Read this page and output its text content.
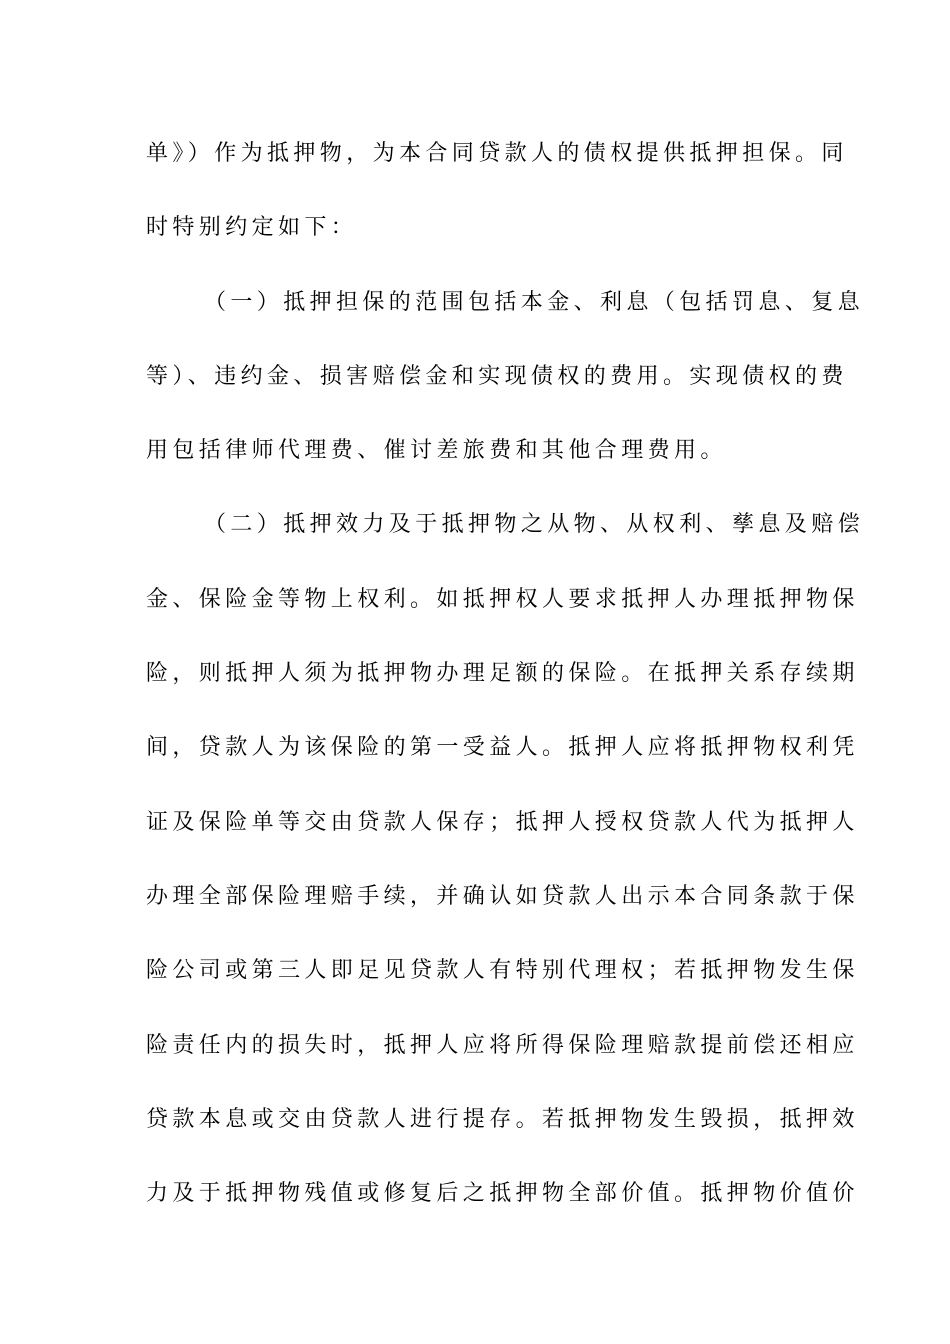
单》）作为抵押物，为本合同贷款人的债权提供抵押担保。同
时特别约定如下：
（一）抵押担保的范围包括本金、利息（包括罚息、复息
等）、违约金、损害赔偿金和实现债权的费用。实现债权的费
用包括律师代理费、催讨差旅费和其他合理费用。
（二）抵押效力及于抵押物之从物、从权利、孳息及赔偿
金、保险金等物上权利。如抵押权人要求抵押人办理抵押物保
险，则抵押人须为抵押物办理足额的保险。在抵押关系存续期
间，贷款人为该保险的第一受益人。抵押人应将抵押物权利凭
证及保险单等交由贷款人保存；抵押人授权贷款人代为抵押人
办理全部保险理赔手续，并确认如贷款人出示本合同条款于保
险公司或第三人即足见贷款人有特别代理权；若抵押物发生保
险责任内的损失时，抵押人应将所得保险理赔款提前偿还相应
贷款本息或交由贷款人进行提存。若抵押物发生毁损，抵押效
力及于抵押物残值或修复后之抵押物全部价值。抵押物价值价
